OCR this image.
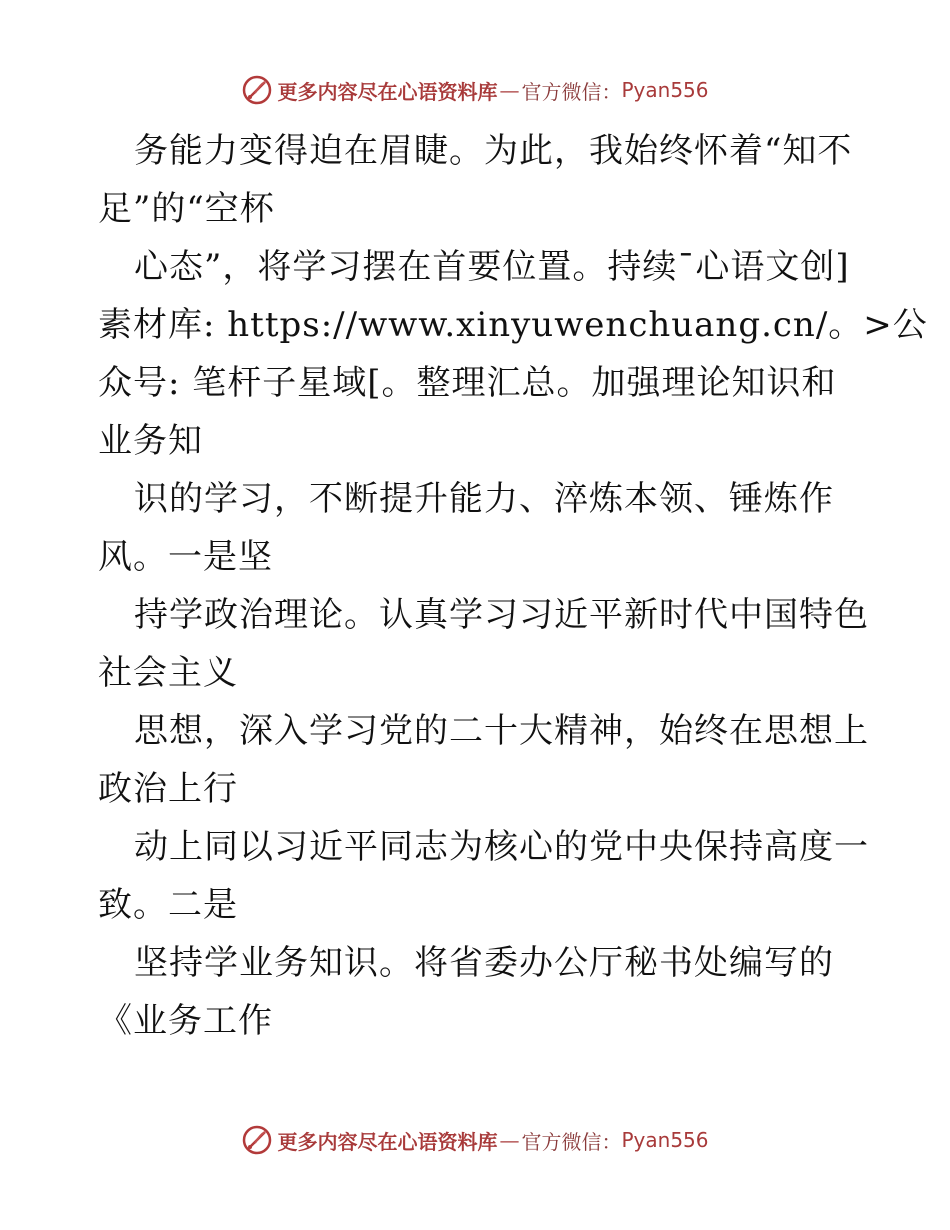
更多内容尽在心语资料库 — 官方微信： Pyan556
务能力变得迫在眉睫。为此，我始终怀着“知不
足”的“空杯
心态”，将学习摆在首要位置。持续¯心语文创]
素材库: https://www.xinyuwenchuang.cn/。>公
众号: 笔杆子星域[。整理汇总。加强理论知识和
业务知
识的学习，不断提升能力、淬炼本领、锤炼作
风。一是坚
持学政治理论。认真学习习近平新时代中国特色
社会主义
思想，深入学习党的二十大精神，始终在思想上
政治上行
动上同以习近平同志为核心的党中央保持高度一
致。二是
坚持学业务知识。将省委办公厅秘书处编写的
《业务工作
更多内容尽在心语资料库 — 官方微信： Pyan556
